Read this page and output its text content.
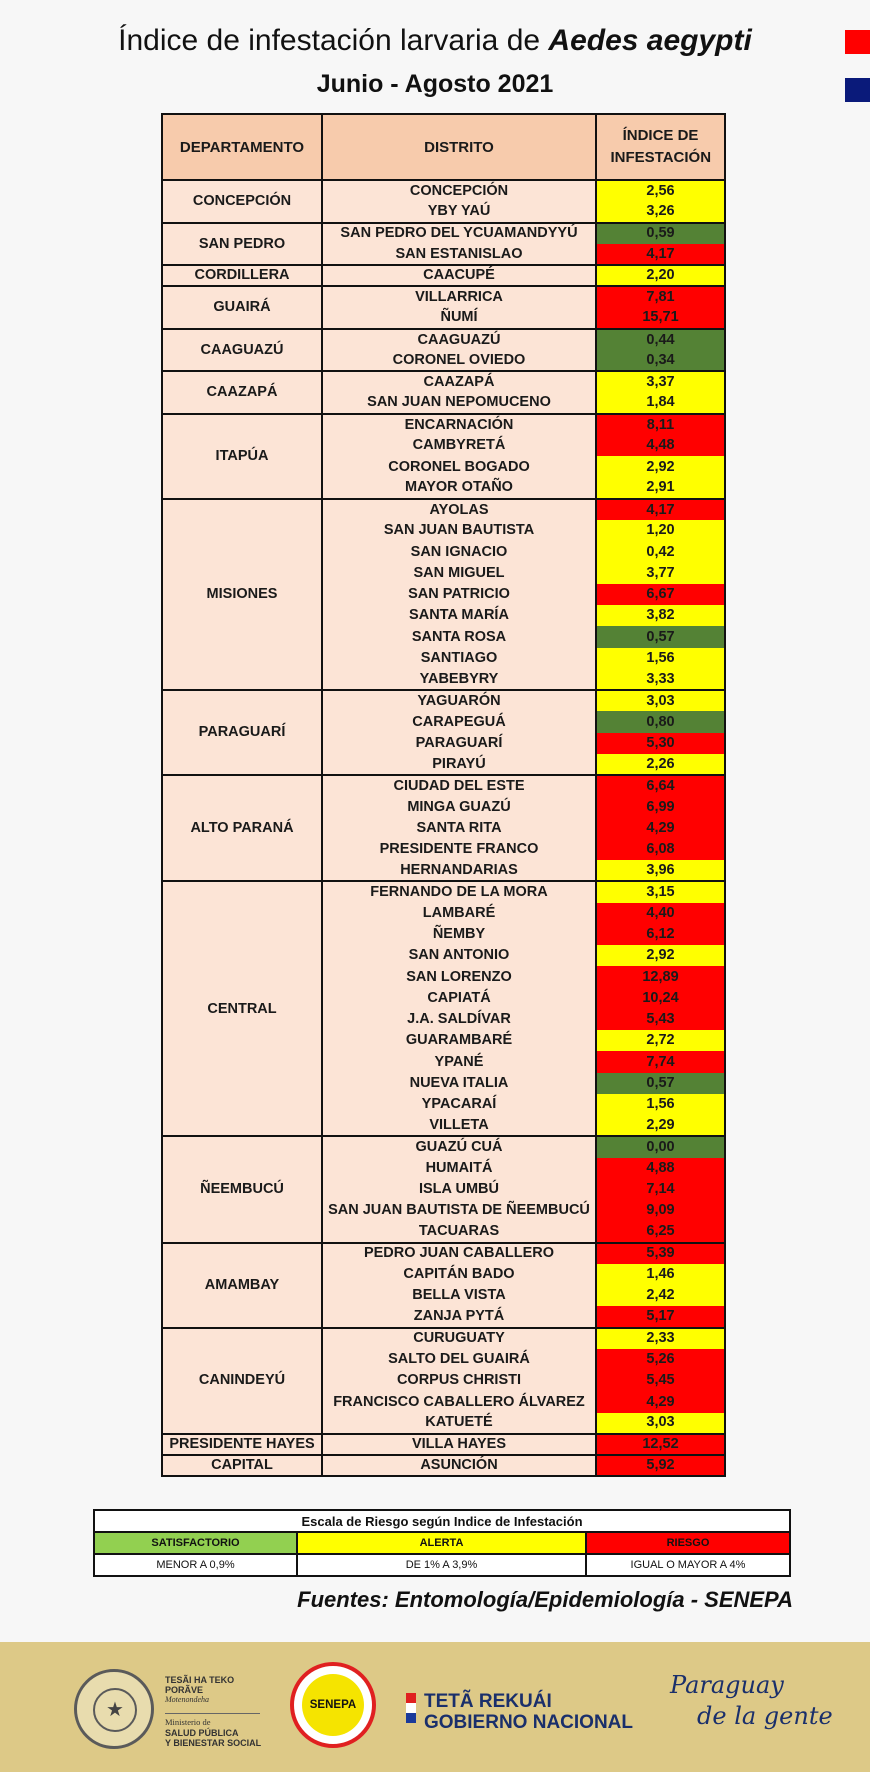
Índice de infestación larvaria de Aedes aegypti
Junio - Agosto 2021
DEPARTAMENTO	DISTRITO	ÍNDICE DE INFESTACIÓN
CONCEPCIÓN	CONCEPCIÓN	2,56
	YBY YAÚ	3,26
SAN PEDRO	SAN PEDRO DEL YCUAMANDYYÚ	0,59
	SAN ESTANISLAO	4,17
CORDILLERA	CAACUPÉ	2,20
GUAIRÁ	VILLARRICA	7,81
	ÑUMÍ	15,71
CAAGUAZÚ	CAAGUAZÚ	0,44
	CORONEL OVIEDO	0,34
CAAZAPÁ	CAAZAPÁ	3,37
	SAN JUAN NEPOMUCENO	1,84
ITAPÚA	ENCARNACIÓN	8,11
	CAMBYRETÁ	4,48
	CORONEL BOGADO	2,92
	MAYOR OTAÑO	2,91
MISIONES	AYOLAS	4,17
	SAN JUAN BAUTISTA	1,20
	SAN IGNACIO	0,42
	SAN MIGUEL	3,77
	SAN PATRICIO	6,67
	SANTA MARÍA	3,82
	SANTA ROSA	0,57
	SANTIAGO	1,56
	YABEBYRY	3,33
PARAGUARÍ	YAGUARÓN	3,03
	CARAPEGUÁ	0,80
	PARAGUARÍ	5,30
	PIRAYÚ	2,26
ALTO PARANÁ	CIUDAD DEL ESTE	6,64
	MINGA GUAZÚ	6,99
	SANTA RITA	4,29
	PRESIDENTE FRANCO	6,08
	HERNANDARIAS	3,96
CENTRAL	FERNANDO DE LA MORA	3,15
	LAMBARÉ	4,40
	ÑEMBY	6,12
	SAN ANTONIO	2,92
	SAN LORENZO	12,89
	CAPIATÁ	10,24
	J.A. SALDÍVAR	5,43
	GUARAMBARÉ	2,72
	YPANÉ	7,74
	NUEVA ITALIA	0,57
	YPACARAÍ	1,56
	VILLETA	2,29
ÑEEMBUCÚ	GUAZÚ CUÁ	0,00
	HUMAITÁ	4,88
	ISLA UMBÚ	7,14
	SAN JUAN BAUTISTA DE ÑEEMBUCÚ	9,09
	TACUARAS	6,25
AMAMBAY	PEDRO JUAN CABALLERO	5,39
	CAPITÁN BADO	1,46
	BELLA VISTA	2,42
	ZANJA PYTÁ	5,17
CANINDEYÚ	CURUGUATY	2,33
	SALTO DEL GUAIRÁ	5,26
	CORPUS CHRISTI	5,45
	FRANCISCO CABALLERO ÁLVAREZ	4,29
	KATUETÉ	3,03
PRESIDENTE HAYES	VILLA HAYES	12,52
CAPITAL	ASUNCIÓN	5,92
Escala de Riesgo según Indice de Infestación		
SATISFACTORIO	ALERTA	RIESGO
MENOR A 0,9%	DE 1% A 3,9%	IGUAL O MAYOR A 4%
Fuentes: Entomología/Epidemiología - SENEPA
★
TESÃI HA TEKO
PORÃVE
Motenondeha
Ministerio de
SALUD PÚBLICA
Y BIENESTAR SOCIAL
SENEPA	TETÃ REKUÁI
GOBIERNO NACIONAL
Paraguay
de la gente
